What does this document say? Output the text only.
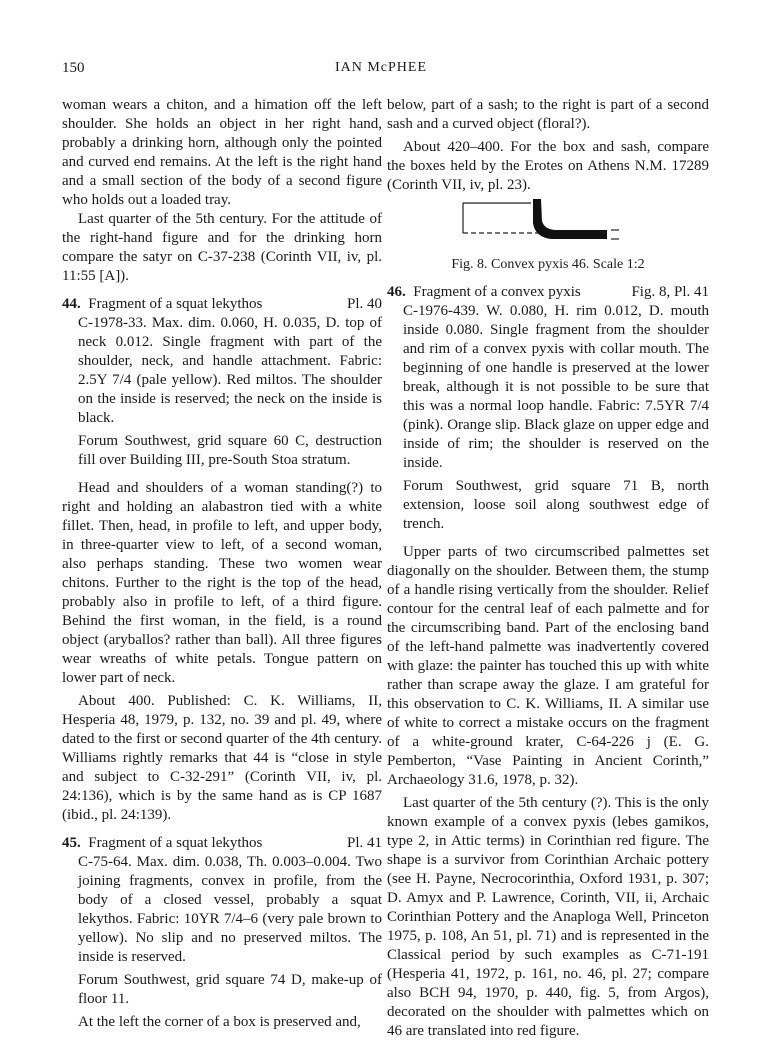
150	IAN McPHEE

woman wears a chiton, and a himation off the left shoulder. She holds an object in her right hand, probably a drinking horn, although only the pointed and curved end remains. At the left is the right hand and a small section of the body of a second figure who holds out a loaded tray.

Last quarter of the 5th century. For the attitude of the right-hand figure and for the drinking horn compare the satyr on C-37-238 (Corinth VII, iv, pl. 11:55 [A]).

44. Fragment of a squat lekythos	Pl. 40

C-1978-33. Max. dim. 0.060, H. 0.035, D. top of neck 0.012. Single fragment with part of the shoulder, neck, and handle attachment. Fabric: 2.5Y 7/4 (pale yellow). Red miltos. The shoulder on the inside is reserved; the neck on the inside is black.

Forum Southwest, grid square 60 C, destruction fill over Building III, pre-South Stoa stratum.

Head and shoulders of a woman standing(?) to right and holding an alabastron tied with a white fillet. Then, head, in profile to left, and upper body, in three-quarter view to left, of a second woman, also perhaps standing. These two women wear chitons. Further to the right is the top of the head, probably also in profile to left, of a third figure. Behind the first woman, in the field, is a round object (aryballos? rather than ball). All three figures wear wreaths of white petals. Tongue pattern on lower part of neck.

About 400. Published: C. K. Williams, II, Hesperia 48, 1979, p. 132, no. 39 and pl. 49, where dated to the first or second quarter of the 4th century. Williams rightly remarks that 44 is “close in style and subject to C-32-291” (Corinth VII, iv, pl. 24:136), which is by the same hand as is CP 1687 (ibid., pl. 24:139).

45. Fragment of a squat lekythos	Pl. 41

C-75-64. Max. dim. 0.038, Th. 0.003–0.004. Two joining fragments, convex in profile, from the body of a closed vessel, probably a squat lekythos. Fabric: 10YR 7/4–6 (very pale brown to yellow). No slip and no preserved miltos. The inside is reserved.

Forum Southwest, grid square 74 D, make-up of floor 11.

At the left the corner of a box is preserved and,

below, part of a sash; to the right is part of a second sash and a curved object (floral?).

About 420–400. For the box and sash, compare the boxes held by the Erotes on Athens N.M. 17289 (Corinth VII, iv, pl. 23).

Fig. 8. Convex pyxis 46. Scale 1:2
46. Fragment of a convex pyxis	Fig. 8, Pl. 41

C-1976-439. W. 0.080, H. rim 0.012, D. mouth inside 0.080. Single fragment from the shoulder and rim of a convex pyxis with collar mouth. The beginning of one handle is preserved at the lower break, although it is not possible to be sure that this was a normal loop handle. Fabric: 7.5YR 7/4 (pink). Orange slip. Black glaze on upper edge and inside of rim; the shoulder is reserved on the inside.

Forum Southwest, grid square 71 B, north extension, loose soil along southwest edge of trench.

Upper parts of two circumscribed palmettes set diagonally on the shoulder. Between them, the stump of a handle rising vertically from the shoulder. Relief contour for the central leaf of each palmette and for the circumscribing band. Part of the enclosing band of the left-hand palmette was inadvertently covered with glaze: the painter has touched this up with white rather than scrape away the glaze. I am grateful for this observation to C. K. Williams, II. A similar use of white to correct a mistake occurs on the fragment of a white-ground krater, C-64-226 j (E. G. Pemberton, “Vase Painting in Ancient Corinth,” Archaeology 31.6, 1978, p. 32).

Last quarter of the 5th century (?). This is the only known example of a convex pyxis (lebes gamikos, type 2, in Attic terms) in Corinthian red figure. The shape is a survivor from Corinthian Archaic pottery (see H. Payne, Necrocorinthia, Oxford 1931, p. 307; D. Amyx and P. Lawrence, Corinth, VII, ii, Archaic Corinthian Pottery and the Anaploga Well, Princeton 1975, p. 108, An 51, pl. 71) and is represented in the Classical period by such examples as C-71-191 (Hesperia 41, 1972, p. 161, no. 46, pl. 27; compare also BCH 94, 1970, p. 440, fig. 5, from Argos), decorated on the shoulder with palmettes which on 46 are translated into red figure.
